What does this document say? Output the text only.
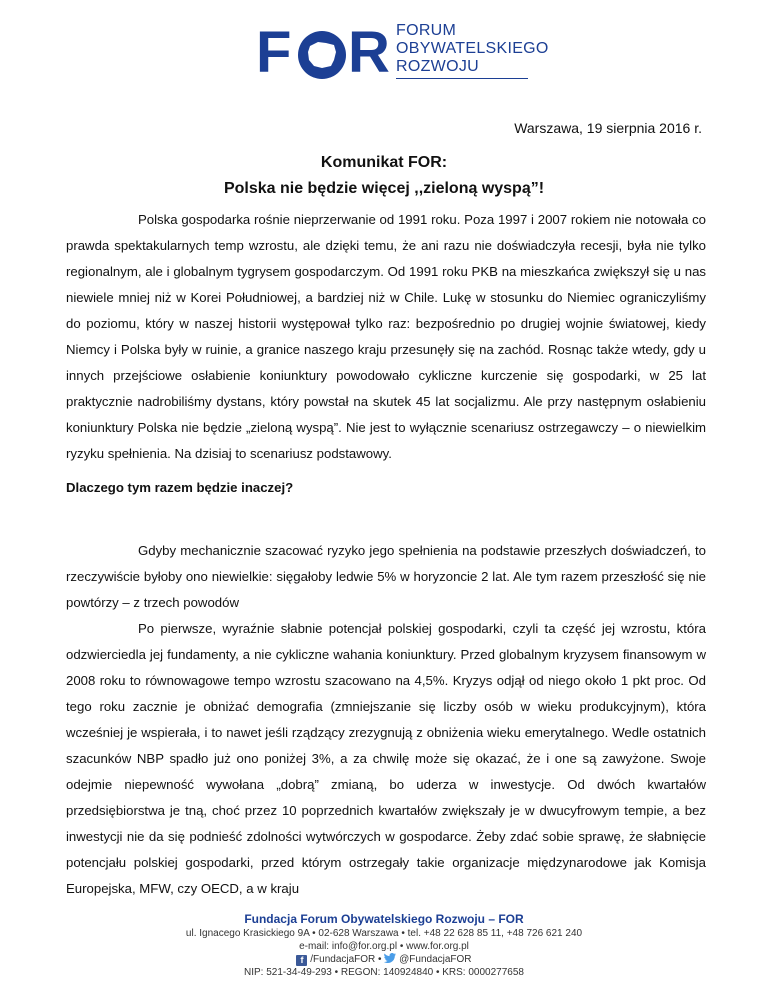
F R FORUM
OBYWATELSKIEGO
ROZWOJU
Warszawa, 19 sierpnia 2016 r.
Komunikat FOR:
Polska nie będzie więcej ,,zieloną wyspą”!

Polska gospodarka rośnie nieprzerwanie od 1991 roku. Poza 1997 i 2007 rokiem nie notowała co prawda spektakularnych temp wzrostu, ale dzięki temu, że ani razu nie doświadczyła recesji, była nie tylko regionalnym, ale i globalnym tygrysem gospodarczym. Od 1991 roku PKB na mieszkańca zwiększył się u nas niewiele mniej niż w Korei Południowej, a bardziej niż w Chile. Lukę w stosunku do Niemiec ograniczyliśmy do poziomu, który w naszej historii występował tylko raz: bezpośrednio po drugiej wojnie światowej, kiedy Niemcy i Polska były w ruinie, a granice naszego kraju przesunęły się na zachód. Rosnąc także wtedy, gdy u innych przejściowe osłabienie koniunktury powodowało cykliczne kurczenie się gospodarki, w 25 lat praktycznie nadrobiliśmy dystans, który powstał na skutek 45 lat socjalizmu. Ale przy następnym osłabieniu koniunktury Polska nie będzie „zieloną wyspą”. Nie jest to wyłącznie scenariusz ostrzegawczy – o niewielkim ryzyku spełnienia. Na dzisiaj to scenariusz podstawowy.

Dlaczego tym razem będzie inaczej?

Gdyby mechanicznie szacować ryzyko jego spełnienia na podstawie przeszłych doświadczeń, to rzeczywiście byłoby ono niewielkie: sięgałoby ledwie 5% w horyzoncie 2 lat. Ale tym razem przeszłość się nie powtórzy – z trzech powodów

Po pierwsze, wyraźnie słabnie potencjał polskiej gospodarki, czyli ta część jej wzrostu, która odzwierciedla jej fundamenty, a nie cykliczne wahania koniunktury. Przed globalnym kryzysem finansowym w 2008 roku to równowagowe tempo wzrostu szacowano na 4,5%. Kryzys odjął od niego około 1 pkt proc. Od tego roku zacznie je obniżać demografia (zmniejszanie się liczby osób w wieku produkcyjnym), która wcześniej je wspierała, i to nawet jeśli rządzący zrezygnują z obniżenia wieku emerytalnego. Wedle ostatnich szacunków NBP spadło już ono poniżej 3%, a za chwilę może się okazać, że i one są zawyżone. Swoje odejmie niepewność wywołana „dobrą” zmianą, bo uderza w inwestycje. Od dwóch kwartałów przedsiębiorstwa je tną, choć przez 10 poprzednich kwartałów zwiększały je w dwucyfrowym tempie, a bez inwestycji nie da się podnieść zdolności wytwórczych w gospodarce. Żeby zdać sobie sprawę, że słabnięcie potencjału polskiej gospodarki, przed którym ostrzegały takie organizacje międzynarodowe jak Komisja Europejska, MFW, czy OECD, a w kraju

Fundacja Forum Obywatelskiego Rozwoju – FOR
ul. Ignacego Krasickiego 9A • 02-628 Warszawa • tel. +48 22 628 85 11, +48 726 621 240
e-mail: info@for.org.pl • www.for.org.pl
f /FundacjaFOR • @FundacjaFOR
NIP: 521-34-49-293 • REGON: 140924840 • KRS: 0000277658
